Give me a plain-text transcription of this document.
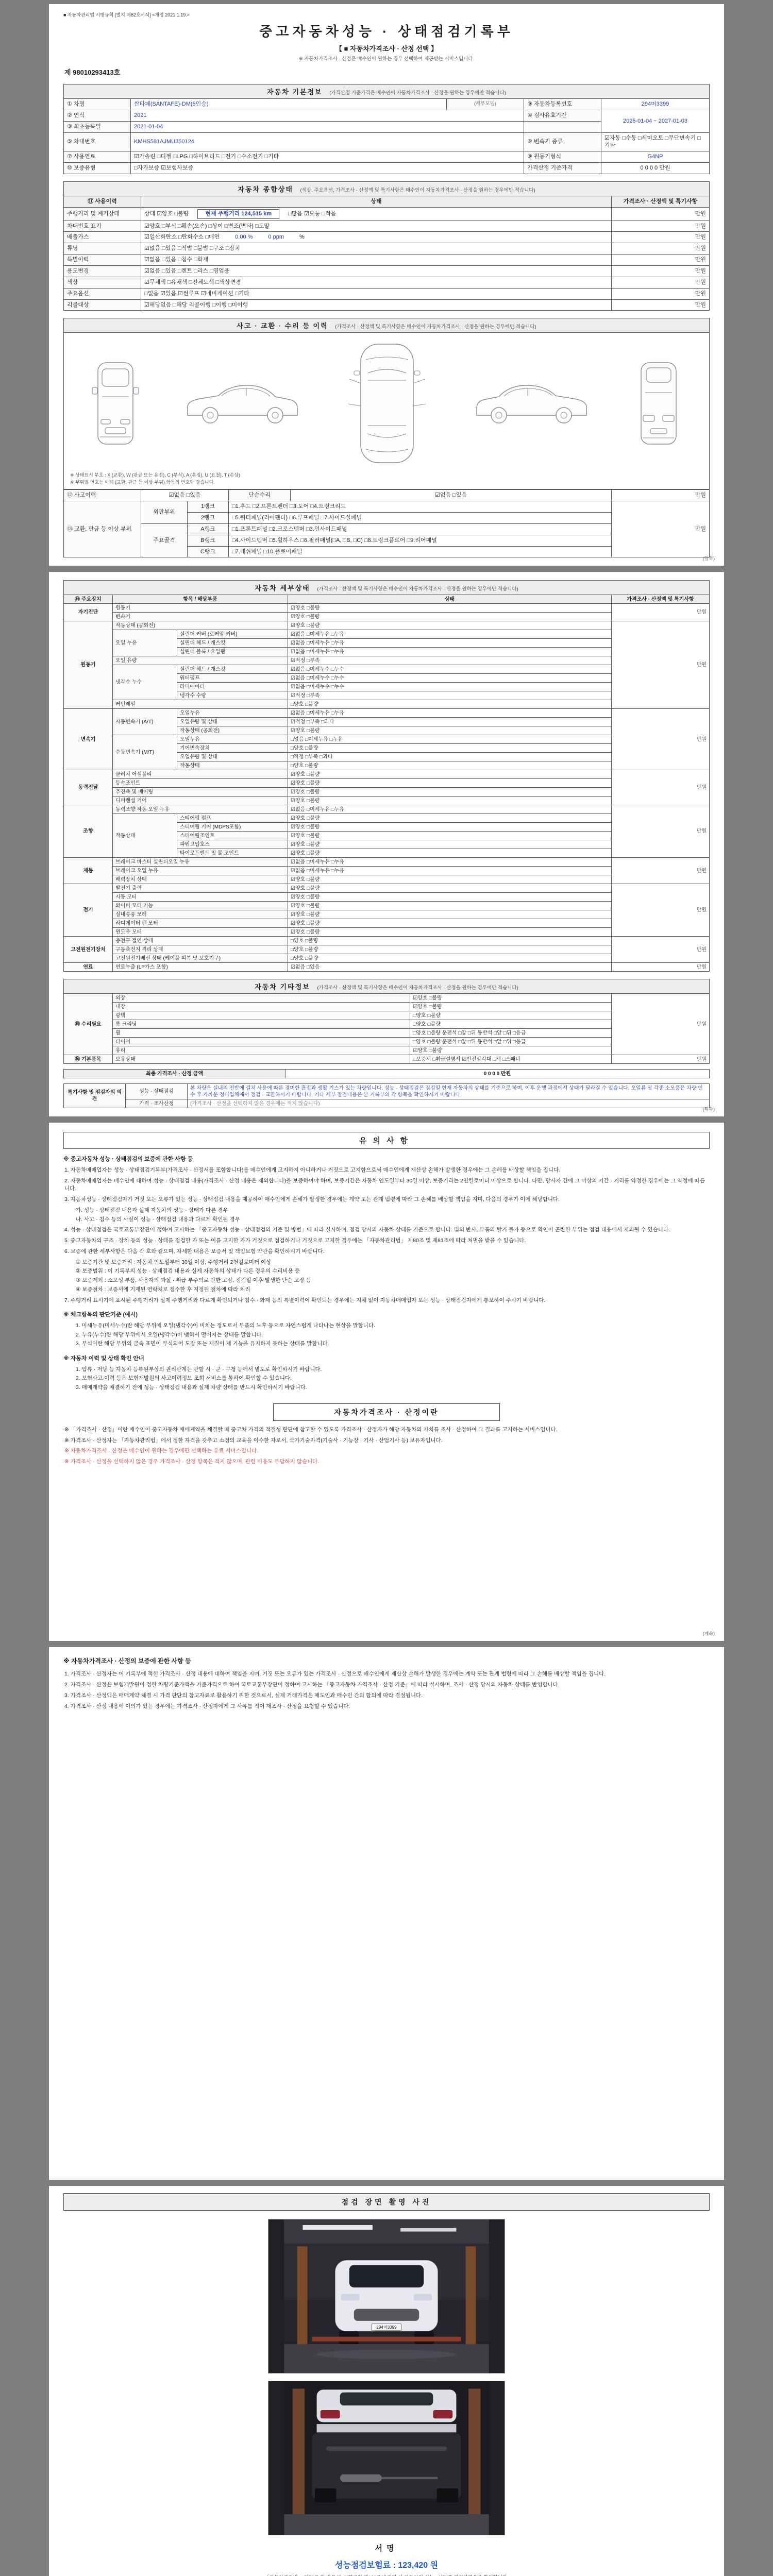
■ 자동차관리법 시행규칙 [별지 제82호서식] <개정 2021.1.19.>
중고자동차성능 · 상태점검기록부
【 ■ 자동차가격조사 · 산정 선택 】
※ 자동차가격조사 · 산정은 매수인이 원하는 경우 선택하여 제공받는 서비스입니다.
제 98010293413호
자동차 기본정보 (가격산정 기준가격은 매수인이 자동차가격조사 · 산정을 원하는 경우에만 적습니다)
① 차명	싼타페(SANTAFE)-DM(5인승)	(세부모델)	⑨ 자동차등록번호	294머3399
② 연식	2021		④ 검사유효기간	2025-01-04 ~ 2027-01-03
③ 최초등록일	2021-01-04			
⑤ 차대번호	KMHS581AJMU350124		⑥ 변속기 종류	☑자동 □수동 □세미오토 □무단변속기 □기타
⑦ 사용연료	☑가솔린 □디젤 □LPG □하이브리드 □전기 □수소전기 □기타		⑧ 원동기형식	G4NP
⑩ 보증유형	□자가보증 ☑보험사보증		가격산정 기준가격	0 0 0 0 만원
자동차 종합상태 (색상, 주요옵션, 가격조사 · 산정액 및 특기사항은 매수인이 자동차가격조사 · 산정을 원하는 경우에만 적습니다)
⑪ 사용이력	상태	가격조사 · 산정액 및 특기사항
주행거리 및 계기상태	상태 ☑양호 □불량 현재 주행거리 124,515 km □많음 ☑보통 □적음	만원
차대번호 표기	☑양호 □부식 □훼손(오손) □상이 □변조(변타) □도말	만원
배출가스	☑일산화탄소 □탄화수소 □매연 0.00 % 0 ppm %	만원
튜닝	☑없음 □있음 □적법 □불법 □구조 □장치	만원
특별이력	☑없음 □있음 □침수 □화재	만원
용도변경	☑없음 □있음 □렌트 □리스 □영업용	만원
색상	☑무채색 □유채색 □전체도색 □색상변경	만원
주요옵션	□없음 ☑있음 ☑썬루프 ☑네비게이션 □기타	만원
리콜대상	☑해당없음 □해당 리콜이행 □이행 □미이행	만원
사고 · 교환 · 수리 등 이력 (가격조사 · 산정액 및 특기사항은 매수인이 자동차가격조사 · 산정을 원하는 경우에만 적습니다)
※ 상태표시 부호 : X (교환), W (판금 또는 용접), C (부식), A (흠집), U (요철), T (손상)
※ 부위별 번호는 아래 (교환, 판금 등 이상 부위) 항목의 번호와 같습니다.
⑫ 사고이력	☑없음 □있음		단순수리	☑없음 □있음	만원
⑬ 교환, 판금 등 이상 부위	외판부위	1랭크	□1.후드 □2.프론트펜더 □3.도어 □4.트렁크리드		만원
		2랭크	□5.쿼터패널(리어펜더) □6.루프패널 □7.사이드실패널		
	주요골격	A랭크	□1.프론트패널 □2.크로스멤버 □3.인사이드패널		
		B랭크	□4.사이드멤버 □5.휠하우스 □6.필러패널(□A, □B, □C) □8.트렁크플로어 □9.리어패널		
		C랭크	□7.대쉬패널 □10.플로어패널		
(앞쪽)
자동차 세부상태 (가격조사 · 산정액 및 특기사항은 매수인이 자동차가격조사 · 산정을 원하는 경우에만 적습니다)
⑭ 주요장치	항목 / 해당부품		상태	가격조사 · 산정액 및 특기사항
자기진단	원동기		☑양호 □불량	만원
	변속기		☑양호 □불량	
원동기	작동상태 (공회전)		☑양호 □불량	만원
	오일 누유	실린더 커버 (로커암 커버)	☑없음 □미세누유 □누유	
		실린더 헤드 / 개스킷	☑없음 □미세누유 □누유	
		실린더 블록 / 오일팬	☑없음 □미세누유 □누유	
	오일 유량		☑적정 □부족	
	냉각수 누수	실린더 헤드 / 개스킷	☑없음 □미세누수 □누수	
		워터펌프	☑없음 □미세누수 □누수	
		라디에이터	☑없음 □미세누수 □누수	
		냉각수 수량	☑적정 □부족	
	커먼레일		□양호 □불량	
변속기	자동변속기 (A/T)	오일누유	☑없음 □미세누유 □누유	만원
		오일유량 및 상태	☑적정 □부족 □과다	
		작동상태 (공회전)	☑양호 □불량	
	수동변속기 (M/T)	오일누유	□없음 □미세누유 □누유	
		기어변속장치	□양호 □불량	
		오일유량 및 상태	□적정 □부족 □과다	
		작동상태	□양호 □불량	
동력전달	클러치 어셈블리		☑양호 □불량	만원
	등속조인트		☑양호 □불량	
	추진축 및 베어링		☑양호 □불량	
	디퍼렌셜 기어		☑양호 □불량	
조향	동력조향 작동 오일 누유		☑없음 □미세누유 □누유	만원
	작동상태	스티어링 펌프	☑양호 □불량	
		스티어링 기어 (MDPS포함)	☑양호 □불량	
		스티어링조인트	☑양호 □불량	
		파워고압호스	☑양호 □불량	
		타이로드엔드 및 볼 조인트	☑양호 □불량	
제동	브레이크 마스터 실린더오일 누유		☑없음 □미세누유 □누유	만원
	브레이크 오일 누유		☑없음 □미세누유 □누유	
	배력장치 상태		☑양호 □불량	
전기	발전기 출력		☑양호 □불량	만원
	시동 모터		☑양호 □불량	
	와이퍼 모터 기능		☑양호 □불량	
	실내송풍 모터		☑양호 □불량	
	라디에이터 팬 모터		☑양호 □불량	
	윈도우 모터		☑양호 □불량	
고전원전기장치	충전구 절연 상태		□양호 □불량	만원
	구동축전지 격리 상태		□양호 □불량	
	고전원전기배선 상태 (케이블 피복 및 보호기구)		□양호 □불량	
연료	연료누출 (LP가스 포함)		☑없음 □있음	만원
자동차 기타정보 (가격조사 · 산정액 및 특기사항은 매수인이 자동차가격조사 · 산정을 원하는 경우에만 적습니다)
⑮ 수리필요	외장	☑양호 □불량	만원
	내장	☑양호 □불량	
	광택	□양호 □불량	
	룸 크리닝	□양호 □불량	
	휠	□양호 □불량 운전석 □앞 □뒤 동반석 □앞 □뒤 □응급	
	타이어	□양호 □불량 운전석 □앞 □뒤 동반석 □앞 □뒤 □응급	
	유리	☑양호 □불량	
⑯ 기본품목	보유상태	□보증서 □취급설명서 ☑안전삼각대 □잭 □스패너	만원
최종 가격조사 · 산정 금액	0 0 0 0 만원
특기사항 및 점검자의 의견	성능 · 상태점검	본 차량은 실내외 전반에 걸쳐 사용에 따른 경미한 흠집과 생활 기스가 있는 차량입니다. 성능 · 상태점검은 점검일 현재 자동차의 상태를 기준으로 하며, 이후 운행 과정에서 상태가 달라질 수 있습니다. 오일류 및 각종 소모품은 차량 인수 후 가까운 정비업체에서 점검 · 교환하시기 바랍니다. 기타 세부 점검내용은 본 기록부의 각 항목을 확인하시기 바랍니다.
	가격 · 조사산정	(가격조사 · 산정을 선택하지 않은 경우에는 적지 않습니다)
(뒤쪽)
유의사항
※ 중고자동차 성능 · 상태점검의 보증에 관한 사항 등
1. 자동차매매업자는 성능 · 상태점검기록부(가격조사 · 산정서를 포함합니다)를 매수인에게 고지하지 아니하거나 거짓으로 고지함으로써 매수인에게 재산상 손해가 발생한 경우에는 그 손해를 배상할 책임을 집니다.
2. 자동차매매업자는 매수인에 대하여 성능 · 상태점검 내용(가격조사 · 산정 내용은 제외합니다)을 보증하여야 하며, 보증기간은 자동차 인도일부터 30일 이상, 보증거리는 2천킬로미터 이상으로 합니다. 다만, 당사자 간에 그 이상의 기간 · 거리를 약정한 경우에는 그 약정에 따릅니다.
3. 자동차성능 · 상태점검자가 거짓 또는 오류가 있는 성능 · 상태점검 내용을 제공하여 매수인에게 손해가 발생한 경우에는 계약 또는 관계 법령에 따라 그 손해를 배상할 책임을 지며, 다음의 경우가 이에 해당합니다.
가. 성능 · 상태점검 내용과 실제 자동차의 성능 · 상태가 다른 경우
나. 사고 · 침수 등의 사실이 성능 · 상태점검 내용과 다르게 확인된 경우
4. 성능 · 상태점검은 국토교통부장관이 정하여 고시하는 「중고자동차 성능 · 상태점검의 기준 및 방법」에 따라 실시하며, 점검 당시의 자동차 상태를 기준으로 합니다. 빛의 반사, 부품의 탈거 불가 등으로 확인이 곤란한 부위는 점검 내용에서 제외될 수 있습니다.
5. 중고자동차의 구조 · 장치 등의 성능 · 상태를 점검한 자 또는 이를 고지한 자가 거짓으로 점검하거나 거짓으로 고지한 경우에는 「자동차관리법」 제80조 및 제81조에 따라 처벌을 받을 수 있습니다.
6. 보증에 관한 세부사항은 다음 각 호와 같으며, 자세한 내용은 보증서 및 책임보험 약관을 확인하시기 바랍니다.
① 보증기간 및 보증거리 : 자동차 인도일부터 30일 이상, 주행거리 2천킬로미터 이상
② 보증범위 : 이 기록부의 성능 · 상태점검 내용과 실제 자동차의 상태가 다른 경우의 수리비용 등
③ 보증제외 : 소모성 부품, 사용자의 과실 · 취급 부주의로 인한 고장, 점검일 이후 발생한 단순 고장 등
④ 보증절차 : 보증서에 기재된 연락처로 접수한 후 지정된 절차에 따라 처리
7. 주행거리 표시기에 표시된 주행거리가 실제 주행거리와 다르게 확인되거나 침수 · 화재 등의 특별이력이 확인되는 경우에는 지체 없이 자동차매매업자 또는 성능 · 상태점검자에게 통보하여 주시기 바랍니다.
※ 체크항목의 판단기준 (예시)
1. 미세누유(미세누수)란 해당 부위에 오일(냉각수)이 비치는 정도로서 부품의 노후 등으로 자연스럽게 나타나는 현상을 말합니다.
2. 누유(누수)란 해당 부위에서 오일(냉각수)이 맺혀서 떨어지는 상태를 말합니다.
3. 부식이란 해당 부위의 금속 표면이 부식되어 도장 또는 재질이 제 기능을 유지하지 못하는 상태를 말합니다.
※ 자동차 이력 및 상태 확인 안내
1. 압류 · 저당 등 자동차 등록원부상의 권리관계는 관할 시 · 군 · 구청 등에서 별도로 확인하시기 바랍니다.
2. 보험사고 이력 등은 보험개발원의 사고이력정보 조회 서비스를 통하여 확인할 수 있습니다.
3. 매매계약을 체결하기 전에 성능 · 상태점검 내용과 실제 차량 상태를 반드시 확인하시기 바랍니다.
자동차가격조사 · 산정이란
※ 「가격조사 · 산정」이란 매수인이 중고자동차 매매계약을 체결할 때 중고차 가격의 적절성 판단에 참고할 수 있도록 가격조사 · 산정자가 해당 자동차의 가치를 조사 · 산정하여 그 결과를 고지하는 서비스입니다.
※ 가격조사 · 산정자는 「자동차관리법」에서 정한 자격을 갖추고 소정의 교육을 이수한 자로서, 국가기술자격(기술사 · 기능장 · 기사 · 산업기사 등) 보유자입니다.
※ 자동차가격조사 · 산정은 매수인이 원하는 경우에만 선택하는 유료 서비스입니다.
※ 가격조사 · 산정을 선택하지 않은 경우 가격조사 · 산정 항목은 적지 않으며, 관련 비용도 부담하지 않습니다.
(계속)
※ 자동차가격조사 · 산정의 보증에 관한 사항 등
1. 가격조사 · 산정자는 이 기록부에 적힌 가격조사 · 산정 내용에 대하여 책임을 지며, 거짓 또는 오류가 있는 가격조사 · 산정으로 매수인에게 재산상 손해가 발생한 경우에는 계약 또는 관계 법령에 따라 그 손해를 배상할 책임을 집니다.
2. 가격조사 · 산정은 보험개발원이 정한 차량기준가액을 기준가격으로 하여 국토교통부장관이 정하여 고시하는 「중고자동차 가격조사 · 산정 기준」에 따라 실시하며, 조사 · 산정 당시의 자동차 상태를 반영합니다.
3. 가격조사 · 산정액은 매매계약 체결 시 가격 판단의 참고자료로 활용하기 위한 것으로서, 실제 거래가격은 매도인과 매수인 간의 합의에 따라 결정됩니다.
4. 가격조사 · 산정 내용에 이의가 있는 경우에는 가격조사 · 산정자에게 그 사유를 적어 재조사 · 산정을 요청할 수 있습니다.
점검 장면 촬영 사진
294머3399
서명
성능점검보험료 : 123,420 원
